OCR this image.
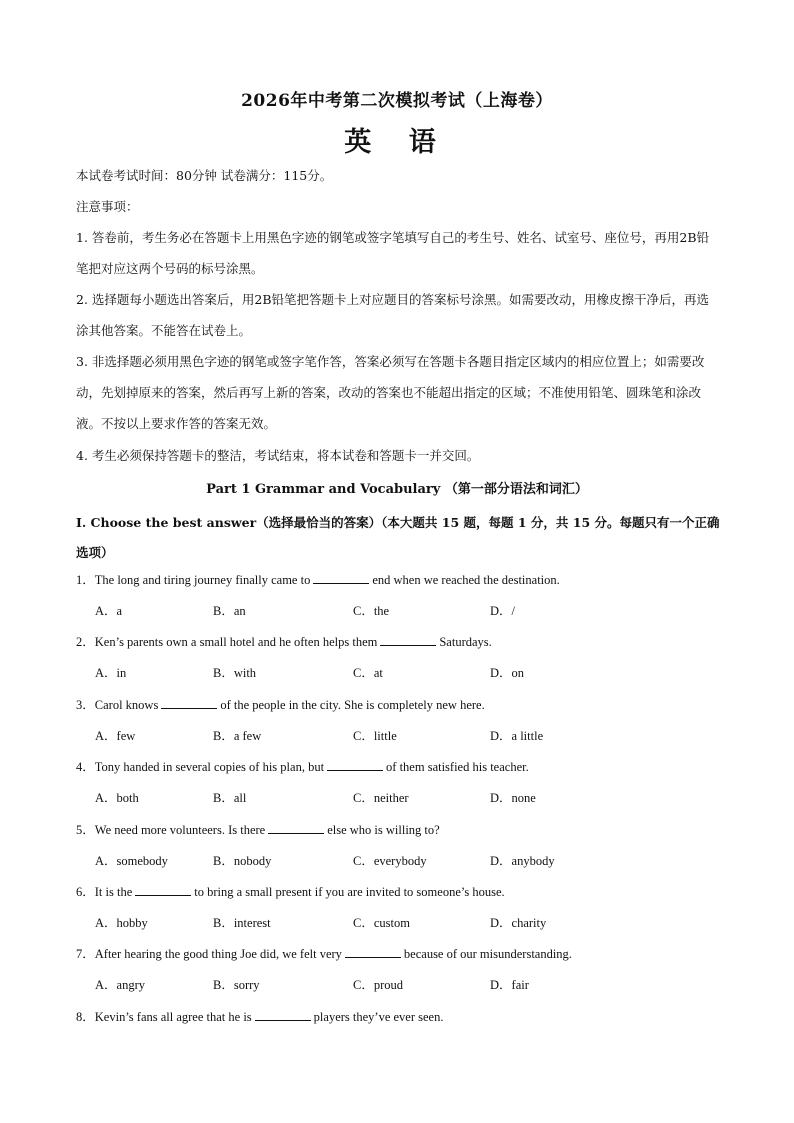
2026年中考第二次模拟考试（上海卷）
英 语
本试卷考试时间：80分钟 试卷满分：115分。
注意事项：
1. 答卷前，考生务必在答题卡上用黑色字迹的钢笔或签字笔填写自己的考生号、姓名、试室号、座位号，再用2B铅笔把对应这两个号码的标号涂黑。
2. 选择题每小题选出答案后，用2B铅笔把答题卡上对应题目的答案标号涂黑。如需要改动，用橡皮擦干净后，再选涂其他答案。不能答在试卷上。
3. 非选择题必须用黑色字迹的钢笔或签字笔作答，答案必须写在答题卡各题目指定区域内的相应位置上；如需要改动，先划掉原来的答案，然后再写上新的答案，改动的答案也不能超出指定的区域；不准使用铅笔、圆珠笔和涂改液。不按以上要求作答的答案无效。
4. 考生必须保持答题卡的整洁，考试结束，将本试卷和答题卡一并交回。
Part 1 Grammar and Vocabulary （第一部分语法和词汇）
I. Choose the best answer（选择最恰当的答案）（本大题共 15 题，每题 1 分，共 15 分。每题只有一个正确选项）
1．The long and tiring journey finally came to	end when we reached the destination.
A．a	B．an	C．the	D．/
2．Ken’s parents own a small hotel and he often helps them	Saturdays.
A．in	B．with	C．at	D．on
3．Carol knows	of the people in the city. She is completely new here.
A．few	B．a few	C．little	D．a little
4．Tony handed in several copies of his plan, but	of them satisfied his teacher.
A．both	B．all	C．neither	D．none
5．We need more volunteers. Is there	else who is willing to?
A．somebody	B．nobody	C．everybody	D．anybody
6．It is the	to bring a small present if you are invited to someone’s house.
A．hobby	B．interest	C．custom	D．charity
7．After hearing the good thing Joe did, we felt very	because of our misunderstanding.
A．angry	B．sorry	C．proud	D．fair
8．Kevin’s fans all agree that he is	players they’ve ever seen.
